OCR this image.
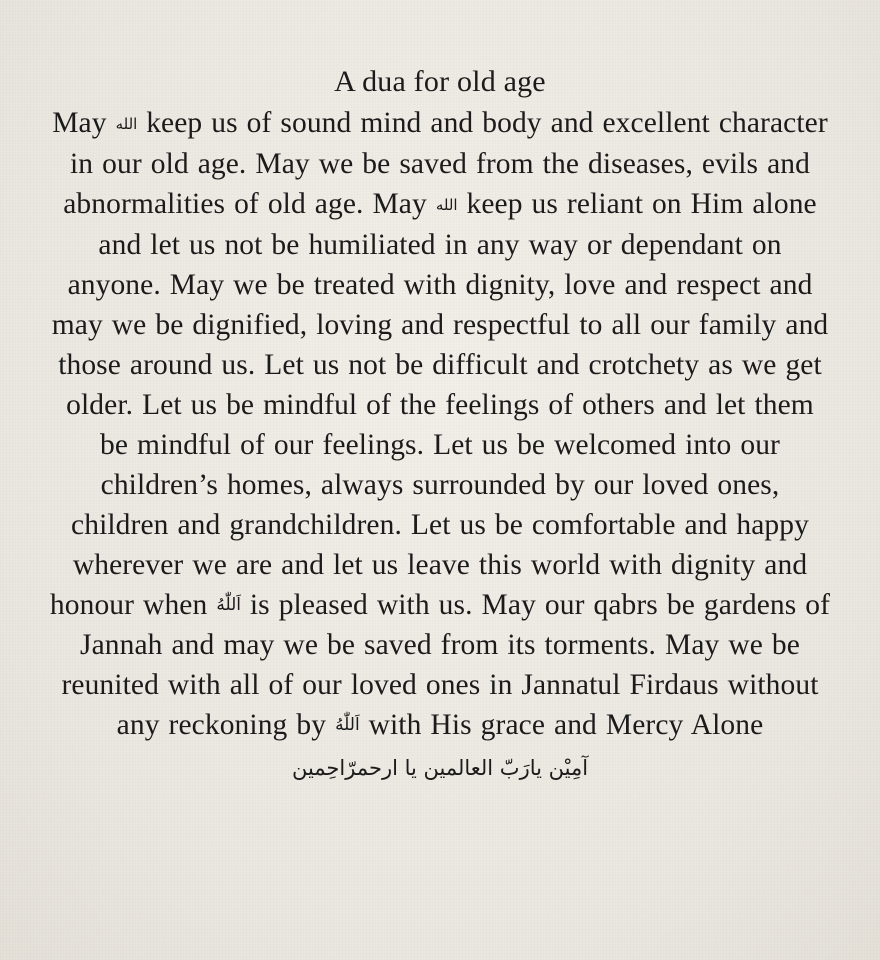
A dua for old age

May الله keep us of sound mind and body and excellent character in our old age. May we be saved from the diseases, evils and abnormalities of old age. May الله keep us reliant on Him alone and let us not be humiliated in any way or dependant on anyone. May we be treated with dignity, love and respect and may we be dignified, loving and respectful to all our family and those around us. Let us not be difficult and crotchety as we get older. Let us be mindful of the feelings of others and let them be mindful of our feelings. Let us be welcomed into our children’s homes, always surrounded by our loved ones, children and grandchildren. Let us be comfortable and happy wherever we are and let us leave this world with dignity and honour when اَللّٰهُ is pleased with us. May our qabrs be gardens of Jannah and may we be saved from its torments. May we be reunited with all of our loved ones in Jannatul Firdaus without any reckoning by اَللّٰهُ with His grace and Mercy Alone

آمِيْن يارَبّ العالمين يا ارحمرّاحِمين
